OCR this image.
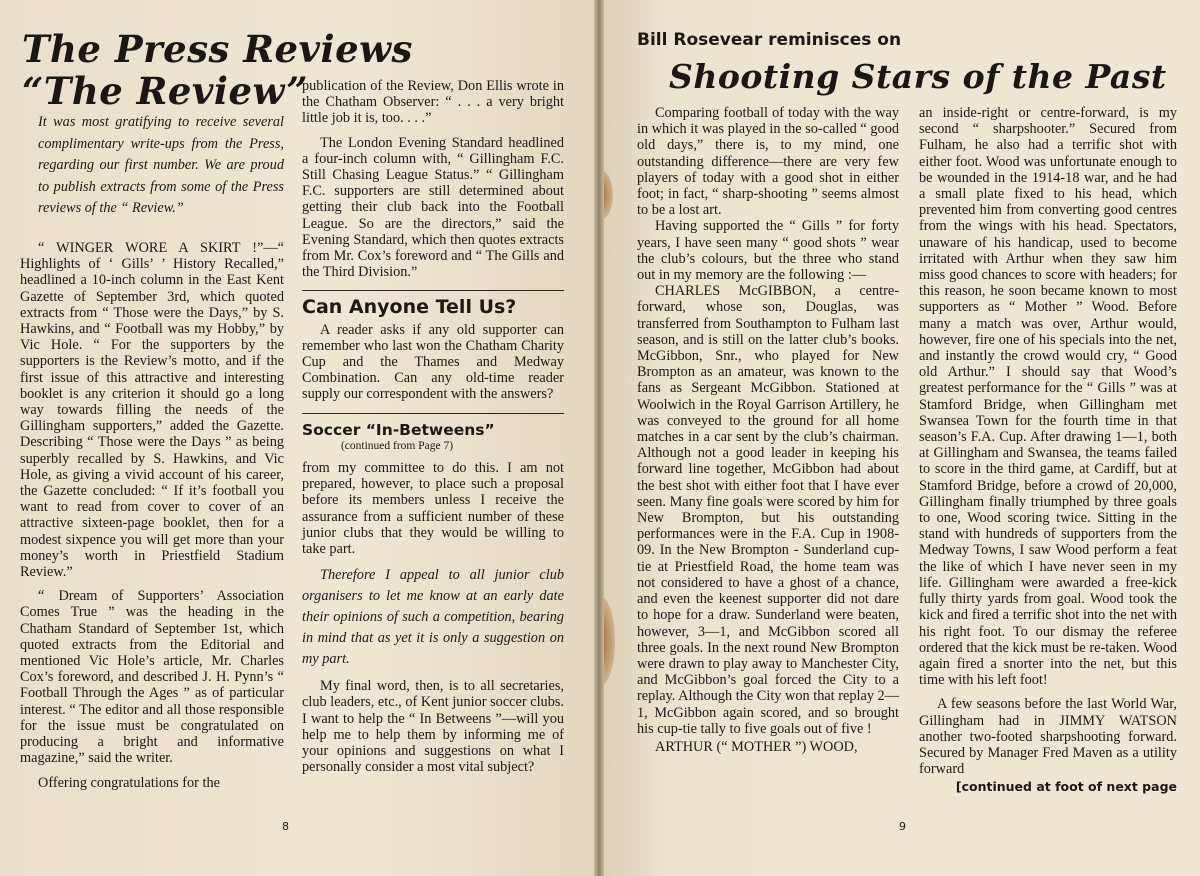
The Press Reviews “The Review”

It was most gratifying to receive several complimentary write-ups from the Press, regarding our first number. We are proud to publish extracts from some of the Press reviews of the “ Review.”

“ WINGER WORE A SKIRT !”—“ Highlights of ‘ Gills’ ’ History Recalled,” headlined a 10-inch column in the East Kent Gazette of September 3rd, which quoted extracts from “ Those were the Days,” by S. Hawkins, and “ Football was my Hobby,” by Vic Hole. “ For the supporters by the supporters is the Review’s motto, and if the first issue of this attractive and interesting booklet is any criterion it should go a long way towards filling the needs of the Gillingham supporters,” added the Gazette. Describing “ Those were the Days ” as being superbly recalled by S. Hawkins, and Vic Hole, as giving a vivid account of his career, the Gazette concluded: “ If it’s football you want to read from cover to cover of an attractive sixteen-page booklet, then for a modest sixpence you will get more than your money’s worth in Priestfield Stadium Review.”

“ Dream of Supporters’ Association Comes True ” was the heading in the Chatham Standard of September 1st, which quoted extracts from the Editorial and mentioned Vic Hole’s article, Mr. Charles Cox’s foreword, and described J. H. Pynn’s “ Football Through the Ages ” as of particular interest. “ The editor and all those responsible for the issue must be congratulated on producing a bright and informative magazine,” said the writer.

Offering congratulations for the

publication of the Review, Don Ellis wrote in the Chatham Observer: “ . . . a very bright little job it is, too. . . .”

The London Evening Standard headlined a four-inch column with, “ Gillingham F.C. Still Chasing League Status.” “ Gillingham F.C. supporters are still determined about getting their club back into the Football League. So are the directors,” said the Evening Standard, which then quotes extracts from Mr. Cox’s foreword and “ The Gills and the Third Division.”

Can Anyone Tell Us?

A reader asks if any old supporter can remember who last won the Chatham Charity Cup and the Thames and Medway Combination. Can any old-time reader supply our correspondent with the answers?

Soccer “In-Betweens”
(continued from Page 7)

from my committee to do this. I am not prepared, however, to place such a proposal before its members unless I receive the assurance from a sufficient number of these junior clubs that they would be willing to take part.

Therefore I appeal to all junior club organisers to let me know at an early date their opinions of such a competition, bearing in mind that as yet it is only a suggestion on my part.

My final word, then, is to all secretaries, club leaders, etc., of Kent junior soccer clubs. I want to help the “ In Betweens ”—will you help me to help them by informing me of your opinions and suggestions on what I personally consider a most vital subject?

8
Bill Rosevear reminisces on
Shooting Stars of the Past

Comparing football of today with the way in which it was played in the so-called “ good old days,” there is, to my mind, one outstanding difference—there are very few players of today with a good shot in either foot; in fact, “ sharp-shooting ” seems almost to be a lost art.

Having supported the “ Gills ” for forty years, I have seen many “ good shots ” wear the club’s colours, but the three who stand out in my memory are the following :—

CHARLES McGIBBON, a centre-forward, whose son, Douglas, was transferred from Southampton to Fulham last season, and is still on the latter club’s books. McGibbon, Snr., who played for New Brompton as an amateur, was known to the fans as Sergeant McGibbon. Stationed at Woolwich in the Royal Garrison Artillery, he was conveyed to the ground for all home matches in a car sent by the club’s chairman. Although not a good leader in keeping his forward line together, McGibbon had about the best shot with either foot that I have ever seen. Many fine goals were scored by him for New Brompton, but his outstanding performances were in the F.A. Cup in 1908-09. In the New Brompton - Sunderland cup-tie at Priestfield Road, the home team was not considered to have a ghost of a chance, and even the keenest supporter did not dare to hope for a draw. Sunderland were beaten, however, 3—1, and McGibbon scored all three goals. In the next round New Brompton were drawn to play away to Manchester City, and McGibbon’s goal forced the City to a replay. Although the City won that replay 2—1, McGibbon again scored, and so brought his cup-tie tally to five goals out of five !

ARTHUR (“ MOTHER ”) WOOD,

an inside-right or centre-forward, is my second “ sharpshooter.” Secured from Fulham, he also had a terrific shot with either foot. Wood was unfortunate enough to be wounded in the 1914-18 war, and he had a small plate fixed to his head, which prevented him from converting good centres from the wings with his head. Spectators, unaware of his handicap, used to become irritated with Arthur when they saw him miss good chances to score with headers; for this reason, he soon became known to most supporters as “ Mother ” Wood. Before many a match was over, Arthur would, however, fire one of his specials into the net, and instantly the crowd would cry, “ Good old Arthur.” I should say that Wood’s greatest performance for the “ Gills ” was at Stamford Bridge, when Gillingham met Swansea Town for the fourth time in that season’s F.A. Cup. After drawing 1—1, both at Gillingham and Swansea, the teams failed to score in the third game, at Cardiff, but at Stamford Bridge, before a crowd of 20,000, Gillingham finally triumphed by three goals to one, Wood scoring twice. Sitting in the stand with hundreds of supporters from the Medway Towns, I saw Wood perform a feat the like of which I have never seen in my life. Gillingham were awarded a free-kick fully thirty yards from goal. Wood took the kick and fired a terrific shot into the net with his right foot. To our dismay the referee ordered that the kick must be re-taken. Wood again fired a snorter into the net, but this time with his left foot!

A few seasons before the last World War, Gillingham had in JIMMY WATSON another two-footed sharpshooting forward. Secured by Manager Fred Maven as a utility forward

[continued at foot of next page
9
